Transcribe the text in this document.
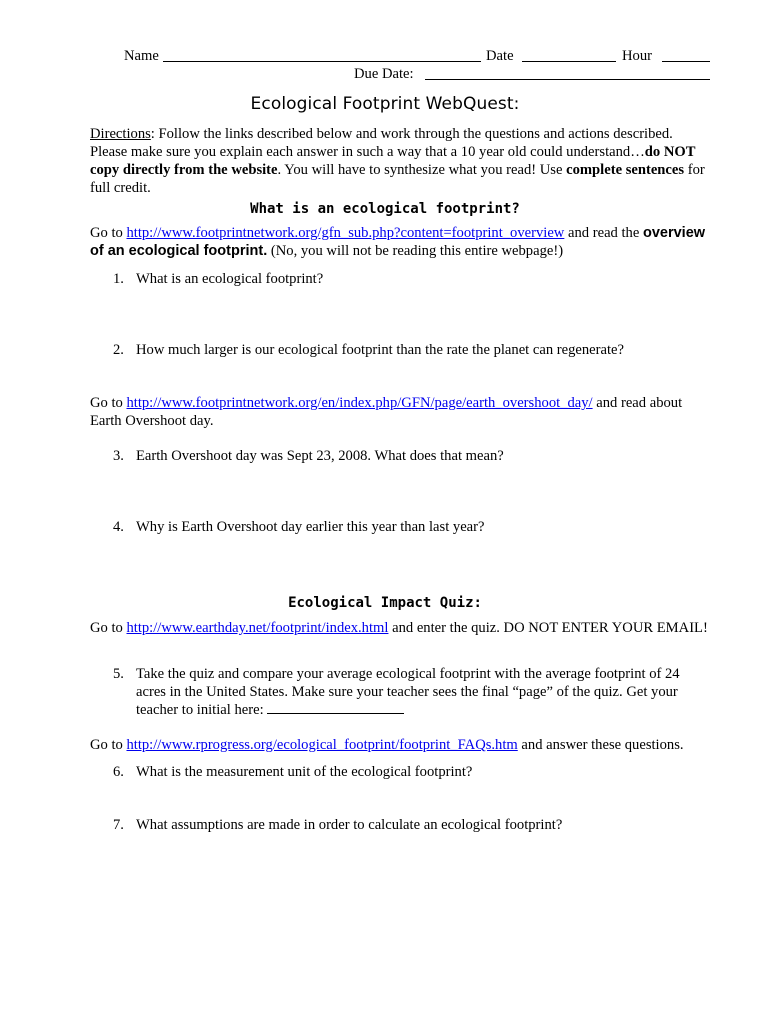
Name	Date	Hour
Due Date:
Ecological Footprint WebQuest:
Directions: Follow the links described below and work through the questions and actions described. Please make sure you explain each answer in such a way that a 10 year old could understand…do NOT copy directly from the website. You will have to synthesize what you read! Use complete sentences for full credit.
What is an ecological footprint?
Go to http://www.footprintnetwork.org/gfn_sub.php?content=footprint_overview and read the overview of an ecological footprint. (No, you will not be reading this entire webpage!)
1. What is an ecological footprint?
2. How much larger is our ecological footprint than the rate the planet can regenerate?
Go to http://www.footprintnetwork.org/en/index.php/GFN/page/earth_overshoot_day/ and read about Earth Overshoot day.
3. Earth Overshoot day was Sept 23, 2008. What does that mean?
4. Why is Earth Overshoot day earlier this year than last year?
Ecological Impact Quiz:
Go to http://www.earthday.net/footprint/index.html and enter the quiz. DO NOT ENTER YOUR EMAIL!
5. Take the quiz and compare your average ecological footprint with the average footprint of 24 acres in the United States. Make sure your teacher sees the final “page” of the quiz. Get your teacher to initial here:
Go to http://www.rprogress.org/ecological_footprint/footprint_FAQs.htm and answer these questions.
6. What is the measurement unit of the ecological footprint?
7. What assumptions are made in order to calculate an ecological footprint?
